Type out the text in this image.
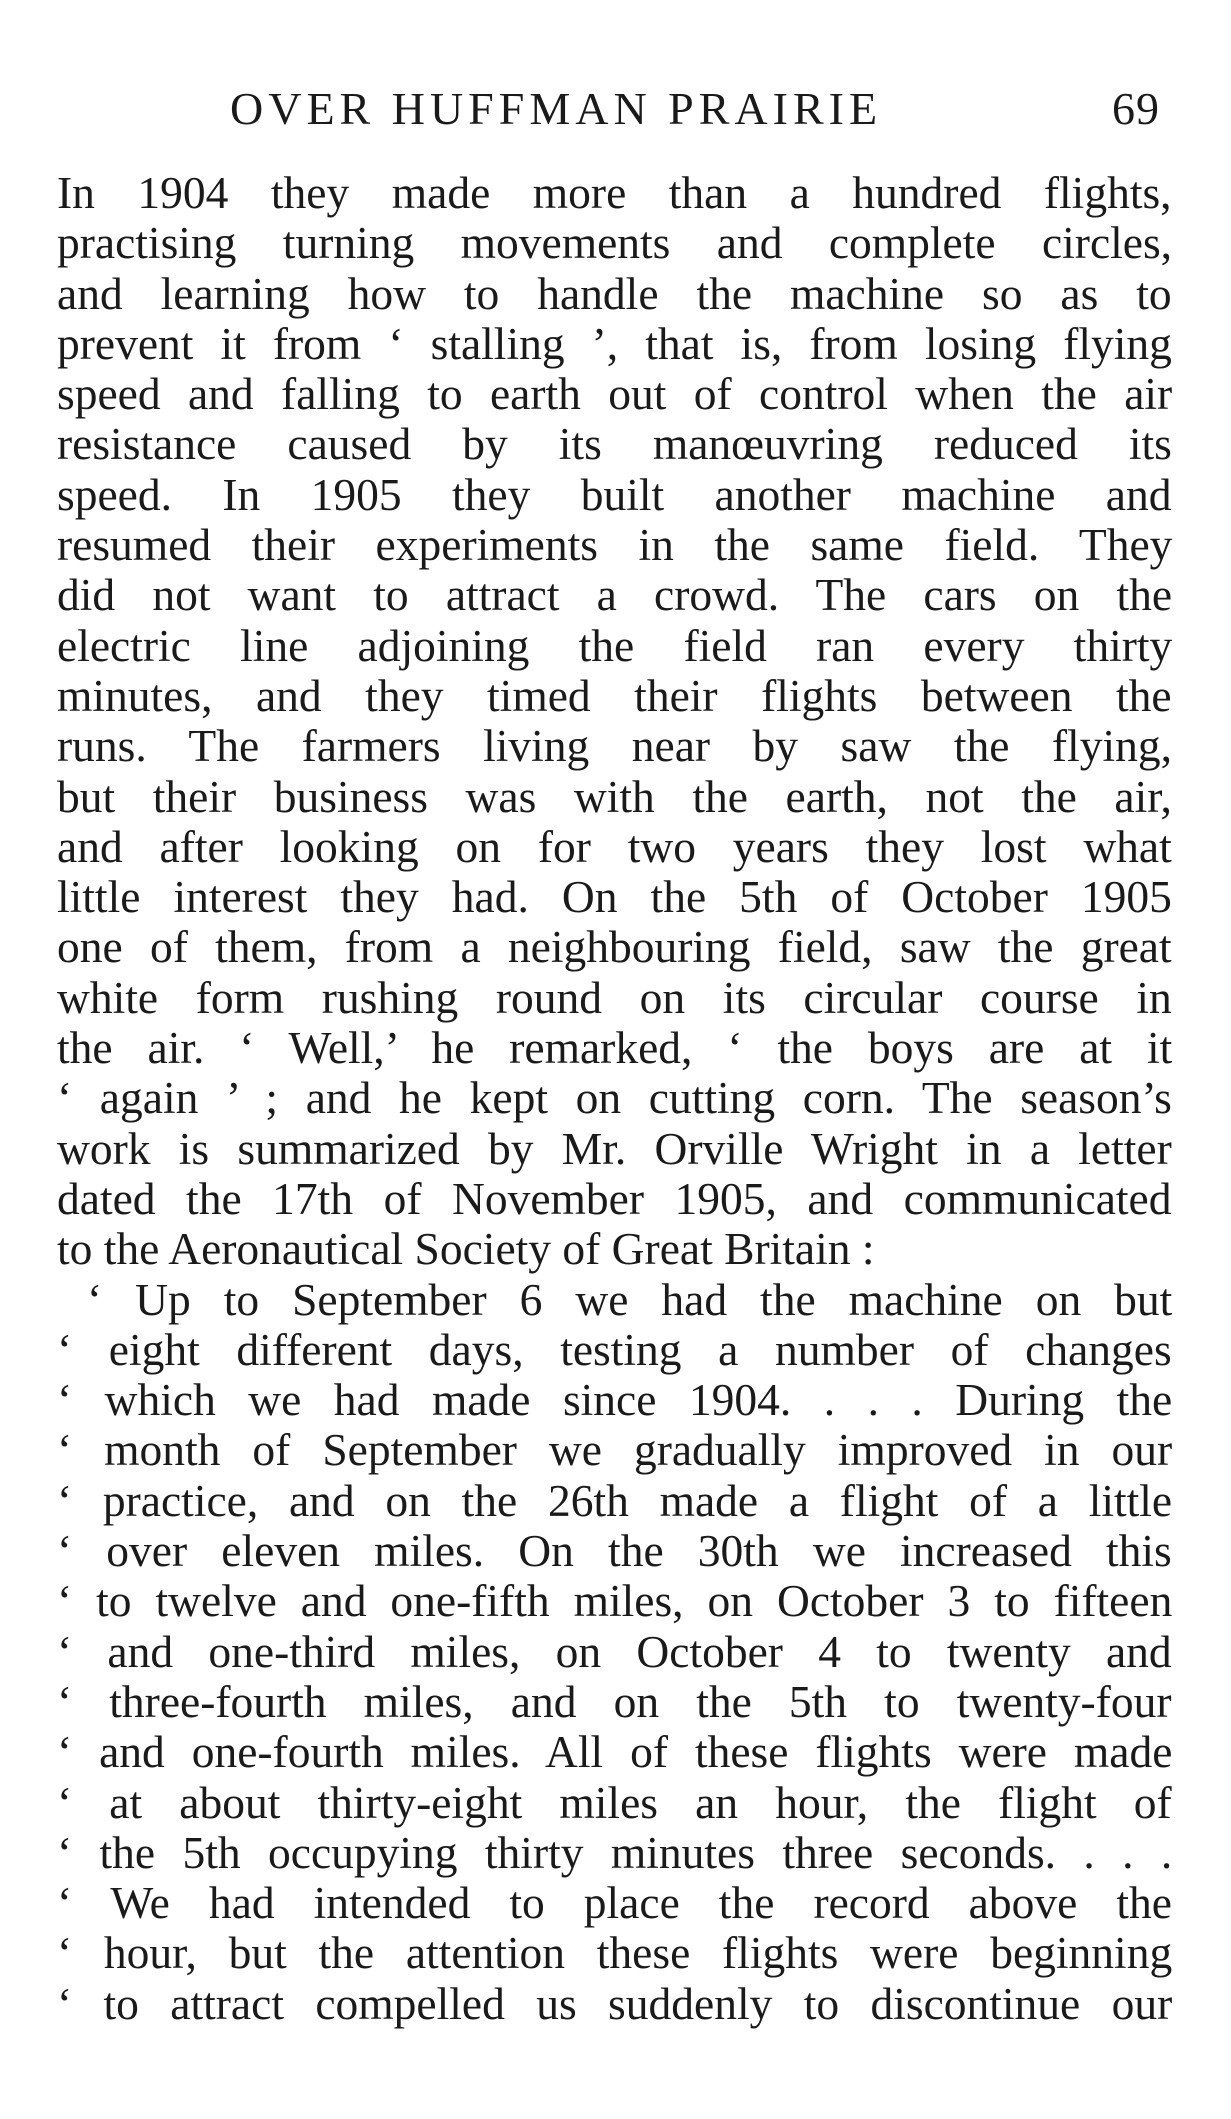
OVER HUFFMAN PRAIRIE	69
In 1904 they made more than a hundred flights,
practising turning movements and complete circles,
and learning how to handle the machine so as to
prevent it from ‘ stalling ’, that is, from losing flying
speed and falling to earth out of control when the air
resistance caused by its manœuvring reduced its
speed. In 1905 they built another machine and
resumed their experiments in the same field. They
did not want to attract a crowd. The cars on the
electric line adjoining the field ran every thirty
minutes, and they timed their flights between the
runs. The farmers living near by saw the flying,
but their business was with the earth, not the air,
and after looking on for two years they lost what
little interest they had. On the 5th of October 1905
one of them, from a neighbouring field, saw the great
white form rushing round on its circular course in
the air. ‘ Well,’ he remarked, ‘ the boys are at it
‘ again ’ ; and he kept on cutting corn. The season’s
work is summarized by Mr. Orville Wright in a letter
dated the 17th of November 1905, and communicated
to the Aeronautical Society of Great Britain :
‘ Up to September 6 we had the machine on but
‘ eight different days, testing a number of changes
‘ which we had made since 1904. . . . During the
‘ month of September we gradually improved in our
‘ practice, and on the 26th made a flight of a little
‘ over eleven miles. On the 30th we increased this
‘ to twelve and one-fifth miles, on October 3 to fifteen
‘ and one-third miles, on October 4 to twenty and
‘ three-fourth miles, and on the 5th to twenty-four
‘ and one-fourth miles. All of these flights were made
‘ at about thirty-eight miles an hour, the flight of
‘ the 5th occupying thirty minutes three seconds. . . .
‘ We had intended to place the record above the
‘ hour, but the attention these flights were beginning
‘ to attract compelled us suddenly to discontinue our
